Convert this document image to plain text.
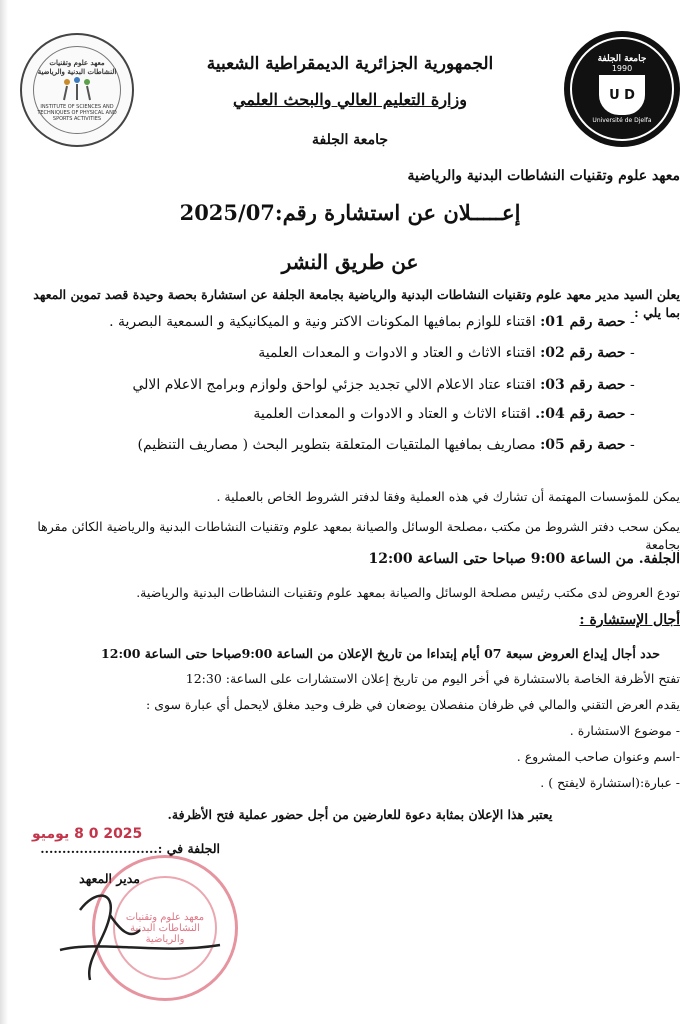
معهد علوم وتقنيات النشاطات البدنية والرياضية
INSTITUTE OF SCIENCES AND TECHNIQUES OF PHYSICAL AND SPORTS ACTIVITIES
جامعة الجلفة
1990
U D
Université de Djelfa
الجمهورية الجزائرية الديمقراطية الشعبية
وزارة التعليم العالي والبحث العلمي
جامعة الجلفة
معهد علوم وتقنيات النشاطات البدنية والرياضية
إعـــــلان عن استشارة رقم:2025/07
عن طريق النشر
يعلن السيد مدير معهد علوم وتقنيات النشاطات البدنية والرياضية بجامعة الجلفة عن استشارة بحصة وحيدة قصد تموين المعهد بما يلي :
- حصة رقم 01: اقتناء للوازم بمافيها المكونات الاكتر ونية و الميكانيكية و السمعية البصرية .
- حصة رقم 02: اقتناء الاثاث و العتاد و الادوات و المعدات العلمية
- حصة رقم 03: اقتناء عتاد الاعلام الالي تجديد جزئي لواحق ولوازم وبرامج الاعلام الالي
- حصة رقم 04:. اقتناء الاثاث و العتاد و الادوات و المعدات العلمية
- حصة رقم 05: مصاريف بمافيها الملتقيات المتعلقة بتطوير البحث ( مصاريف التنظيم)
يمكن للمؤسسات المهتمة أن تشارك في هذه العملية وفقا لدفتر الشروط الخاص بالعملية .
يمكن سحب دفتر الشروط من مكتب ،مصلحة الوسائل والصيانة بمعهد علوم وتقنيات النشاطات البدنية والرياضية الكائن مقرها بجامعة
الجلفة. من الساعة 9:00 صباحا حتى الساعة 12:00
تودع العروض لدى مكتب رئيس مصلحة الوسائل والصيانة بمعهد علوم وتقنيات النشاطات البدنية والرياضية.
أجال الإستشارة :
حدد أجال إيداع العروض سبعة 07 أيام إبتداءا من تاريخ الإعلان من الساعة 9:00صباحا حتى الساعة 12:00
تفتح الأظرفة الخاصة بالاستشارة في أخر اليوم من تاريخ إعلان الاستشارات على الساعة: 12:30
يقدم العرض التقني والمالي في ظرفان منفصلان يوضعان في ظرف وحيد مغلق لايحمل أي عبارة سوى :
- موضوع الاستشارة .
-اسم وعنوان صاحب المشروع .
- عبارة:(استشارة لايفتح ) .
يعتبر هذا الإعلان بمثابة دعوة للعارضين من أجل حضور عملية فتح الأظرفة.
الجلفة في :...........................
2025 0 8 يوميو
مدير المعهد
معهد علوم وتقنيات النشاطات البدنية والرياضية
